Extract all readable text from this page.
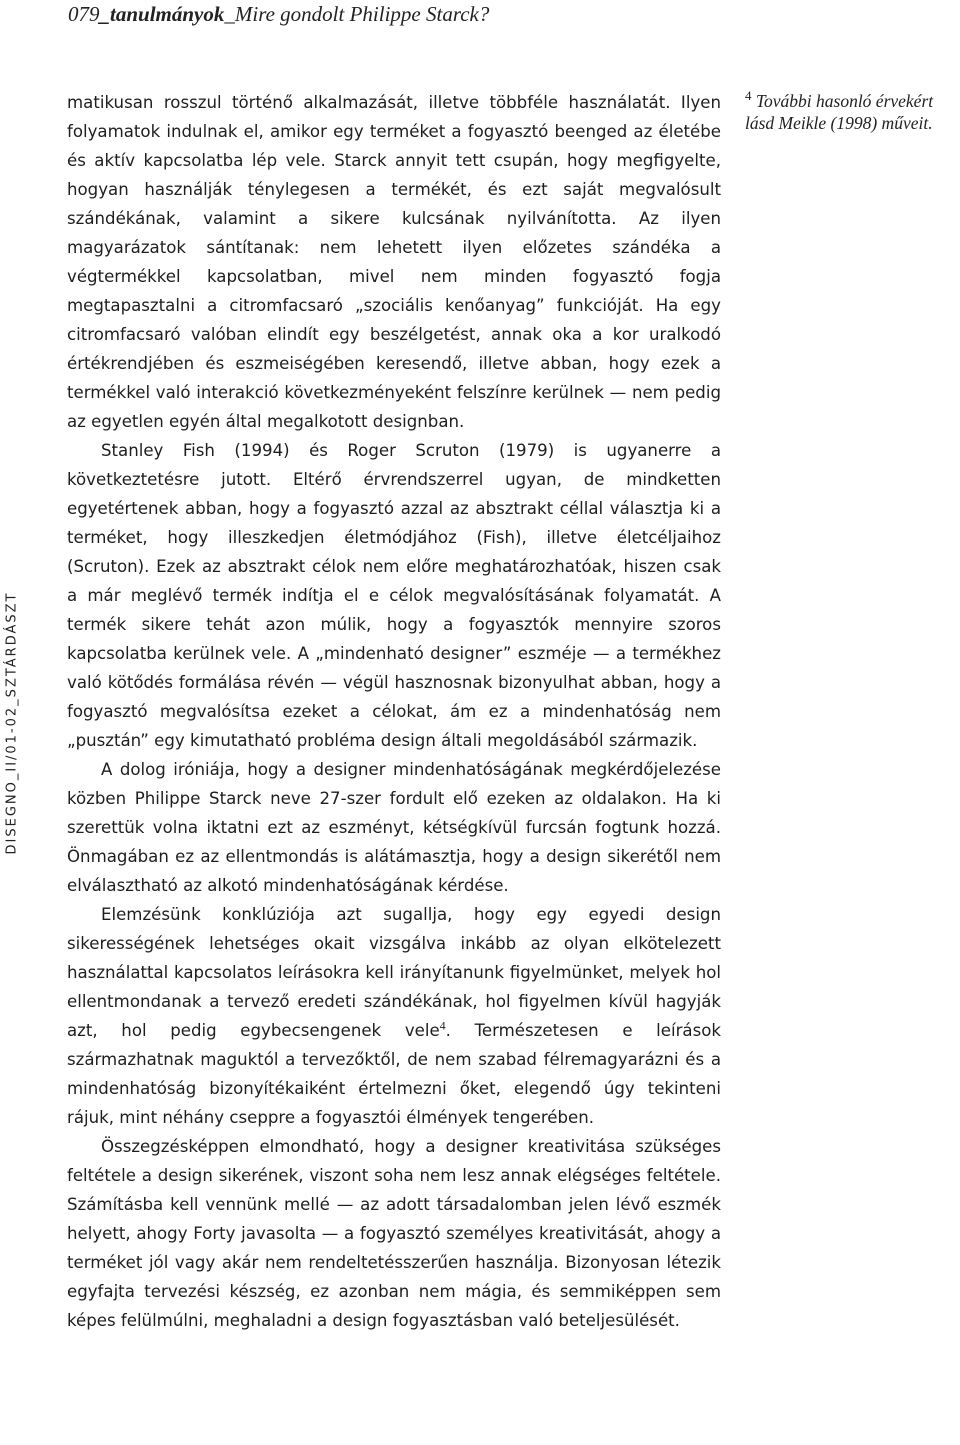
079_tanulmányok_Mire gondolt Philippe Starck?
DISEGNO_II/01-02_SZTÁRDÁSZT

matikusan rosszul történő alkalmazását, illetve többféle használatát. Ilyen folyamatok indulnak el, amikor egy terméket a fogyasztó beenged az életébe és aktív kapcsolatba lép vele. Starck annyit tett csupán, hogy megfigyelte, hogyan használják ténylegesen a termékét, és ezt saját megvalósult szándékának, valamint a sikere kulcsának nyilvánította. Az ilyen magyarázatok sántítanak: nem lehetett ilyen előzetes szándéka a végtermékkel kapcsolatban, mivel nem minden fogyasztó fogja megtapasztalni a citromfacsaró „szociális kenőanyag” funkcióját. Ha egy citromfacsaró valóban elindít egy beszélgetést, annak oka a kor uralkodó értékrendjében és eszmeiségében keresendő, illetve abban, hogy ezek a termékkel való interakció következményeként felszínre kerülnek — nem pedig az egyetlen egyén által megalkotott designban.

Stanley Fish (1994) és Roger Scruton (1979) is ugyanerre a következtetésre jutott. Eltérő érvrendszerrel ugyan, de mindketten egyetértenek abban, hogy a fogyasztó azzal az absztrakt céllal választja ki a terméket, hogy illeszkedjen életmódjához (Fish), illetve életcéljaihoz (Scruton). Ezek az absztrakt célok nem előre meghatározhatóak, hiszen csak a már meglévő termék indítja el e célok megvalósításának folyamatát. A termék sikere tehát azon múlik, hogy a fogyasztók mennyire szoros kapcsolatba kerülnek vele. A „mindenható designer” eszméje — a termékhez való kötődés formálása révén — végül hasznosnak bizonyulhat abban, hogy a fogyasztó megvalósítsa ezeket a célokat, ám ez a mindenhatóság nem „pusztán” egy kimutatható probléma design általi megoldásából származik.

A dolog iróniája, hogy a designer mindenhatóságának megkérdőjelezése közben Philippe Starck neve 27-szer fordult elő ezeken az oldalakon. Ha ki szerettük volna iktatni ezt az eszményt, kétségkívül furcsán fogtunk hozzá. Önmagában ez az ellentmondás is alátámasztja, hogy a design sikerétől nem elválasztható az alkotó mindenhatóságának kérdése.

Elemzésünk konklúziója azt sugallja, hogy egy egyedi design sikerességének lehetséges okait vizsgálva inkább az olyan elkötelezett használattal kapcsolatos leírásokra kell irányítanunk figyelmünket, melyek hol ellentmondanak a tervező eredeti szándékának, hol figyelmen kívül hagyják azt, hol pedig egybecsengenek vele$^4$. Természetesen e leírások származhatnak maguktól a tervezőktől, de nem szabad félremagyarázni és a mindenhatóság bizonyítékaiként értelmezni őket, elegendő úgy tekinteni rájuk, mint néhány cseppre a fogyasztói élmények tengerében.

Összegzésképpen elmondható, hogy a designer kreativitása szükséges feltétele a design sikerének, viszont soha nem lesz annak elégséges feltétele. Számításba kell vennünk mellé — az adott társadalomban jelen lévő eszmék helyett, ahogy Forty javasolta — a fogyasztó személyes kreativitását, ahogy a terméket jól vagy akár nem rendeltetésszerűen használja. Bizonyosan létezik egyfajta tervezési készség, ez azonban nem mágia, és semmiképpen sem képes felülmúlni, meghaladni a design fogyasztásban való beteljesülését.

$^4$ További hasonló érvekért lásd Meikle (1998) műveit.
